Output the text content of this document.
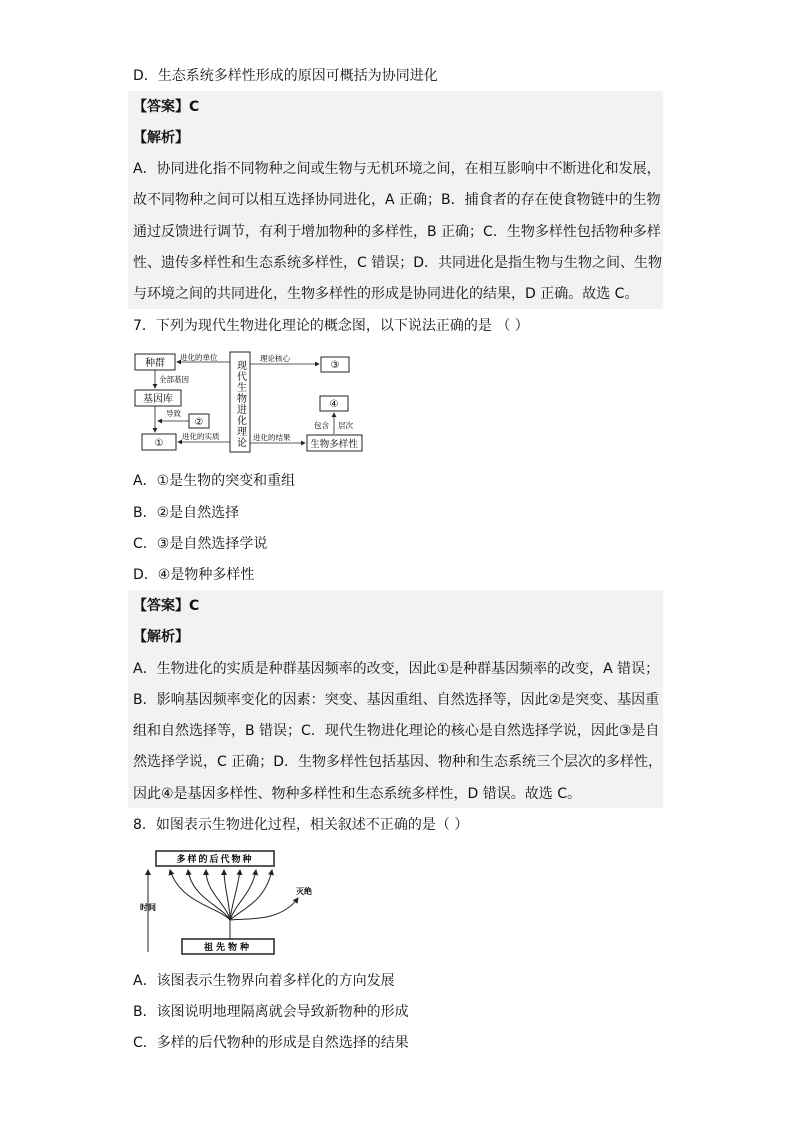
D．生态系统多样性形成的原因可概括为协同进化
【答案】C
【解析】
A．协同进化指不同物种之间或生物与无机环境之间，在相互影响中不断进化和发展，
故不同物种之间可以相互选择协同进化，A 正确；B．捕食者的存在使食物链中的生物
通过反馈进行调节，有利于增加物种的多样性，B 正确；C．生物多样性包括物种多样
性、遗传多样性和生态系统多样性，C 错误；D．共同进化是指生物与生物之间、生物
与环境之间的共同进化，生物多样性的形成是协同进化的结果，D 正确。故选 C。
7．下列为现代生物进化理论的概念图，以下说法正确的是 （ ）
种群
进化的单位
全部基因
基因库
②
导致
①
进化的实质 现代生物进化理论
理论核心
③
④
包含 层次
进化的结果
生物多样性
A．①是生物的突变和重组
B．②是自然选择
C．③是自然选择学说
D．④是物种多样性
【答案】C
【解析】
A．生物进化的实质是种群基因频率的改变，因此①是种群基因频率的改变，A 错误；
B．影响基因频率变化的因素：突变、基因重组、自然选择等，因此②是突变、基因重
组和自然选择等，B 错误；C．现代生物进化理论的核心是自然选择学说，因此③是自
然选择学说，C 正确；D．生物多样性包括基因、物种和生态系统三个层次的多样性，
因此④是基因多样性、物种多样性和生态系统多样性，D 错误。故选 C。
8．如图表示生物进化过程，相关叙述不正确的是（ ）
多样的后代物种
祖先物种
时间
灭绝
A．该图表示生物界向着多样化的方向发展
B．该图说明地理隔离就会导致新物种的形成
C．多样的后代物种的形成是自然选择的结果
